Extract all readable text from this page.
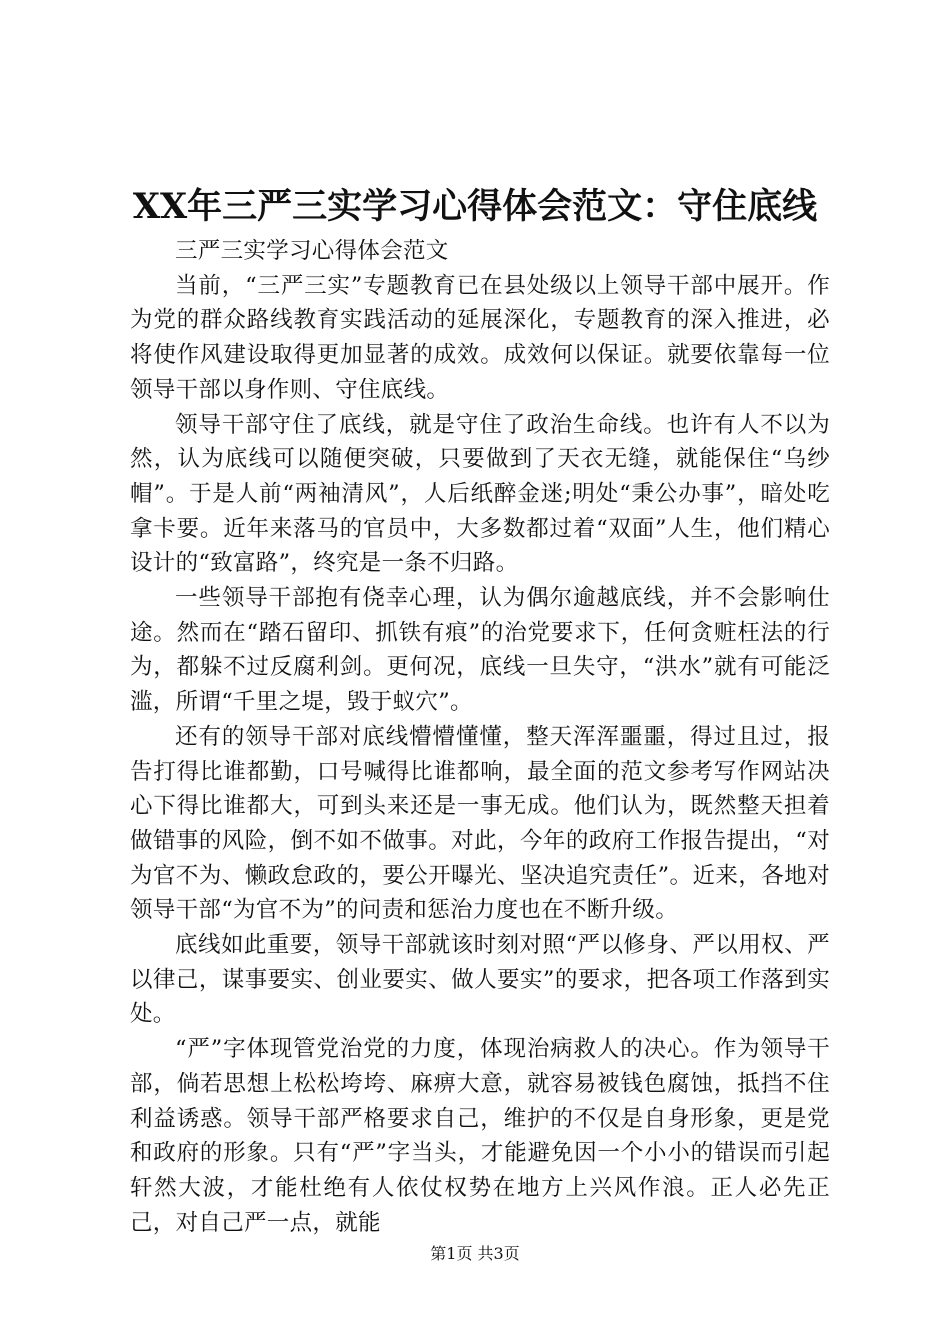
XX年三严三实学习心得体会范文：守住底线

三严三实学习心得体会范文

当前，“三严三实”专题教育已在县处级以上领导干部中展开。作为党的群众路线教育实践活动的延展深化，专题教育的深入推进，必将使作风建设取得更加显著的成效。成效何以保证。就要依靠每一位领导干部以身作则、守住底线。

领导干部守住了底线，就是守住了政治生命线。也许有人不以为然，认为底线可以随便突破，只要做到了天衣无缝，就能保住“乌纱帽”。于是人前“两袖清风”，人后纸醉金迷;明处“秉公办事”，暗处吃拿卡要。近年来落马的官员中，大多数都过着“双面”人生，他们精心设计的“致富路”，终究是一条不归路。

一些领导干部抱有侥幸心理，认为偶尔逾越底线，并不会影响仕途。然而在“踏石留印、抓铁有痕”的治党要求下，任何贪赃枉法的行为，都躲不过反腐利剑。更何况，底线一旦失守，“洪水”就有可能泛滥，所谓“千里之堤，毁于蚁穴”。

还有的领导干部对底线懵懵懂懂，整天浑浑噩噩，得过且过，报告打得比谁都勤，口号喊得比谁都响，最全面的范文参考写作网站决心下得比谁都大，可到头来还是一事无成。他们认为，既然整天担着做错事的风险，倒不如不做事。对此，今年的政府工作报告提出，“对为官不为、懒政怠政的，要公开曝光、坚决追究责任”。近来，各地对领导干部“为官不为”的问责和惩治力度也在不断升级。

底线如此重要，领导干部就该时刻对照“严以修身、严以用权、严以律己，谋事要实、创业要实、做人要实”的要求，把各项工作落到实处。

“严”字体现管党治党的力度，体现治病救人的决心。作为领导干部，倘若思想上松松垮垮、麻痹大意，就容易被钱色腐蚀，抵挡不住利益诱惑。领导干部严格要求自己，维护的不仅是自身形象，更是党和政府的形象。只有“严”字当头，才能避免因一个小小的错误而引起轩然大波，才能杜绝有人依仗权势在地方上兴风作浪。正人必先正己，对自己严一点，就能

第1页 共3页
